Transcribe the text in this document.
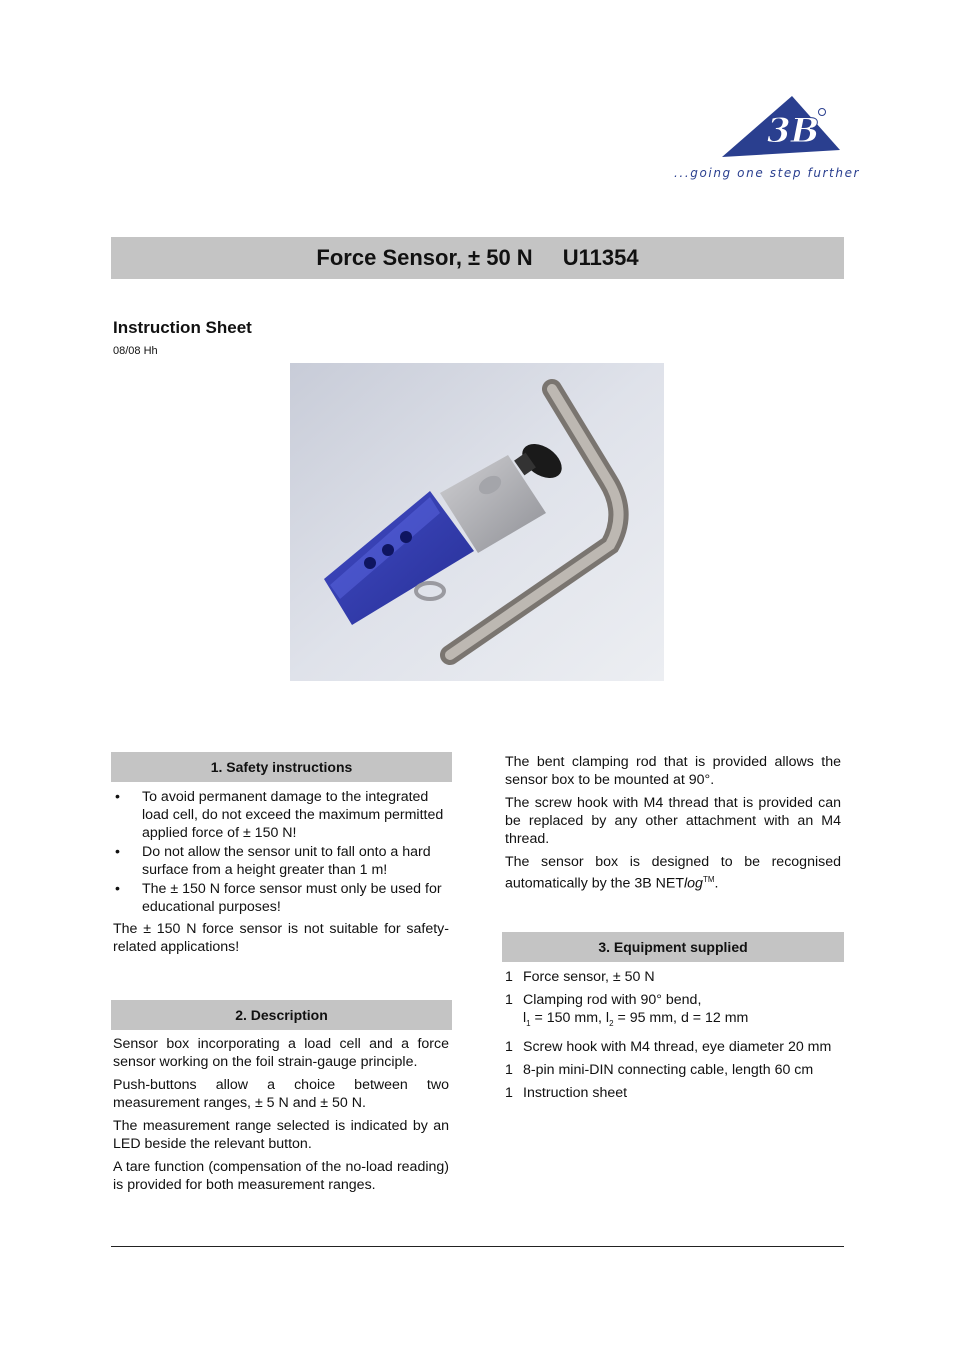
3B
...going one step further
Force Sensor, ± 50 N U11354
Instruction Sheet
08/08 Hh
1. Safety instructions
• To avoid permanent damage to the integrated load cell, do not exceed the maximum permitted applied force of ± 150 N!
• Do not allow the sensor unit to fall onto a hard surface from a height greater than 1 m!
• The ± 150 N force sensor must only be used for educational purposes!

The ± 150 N force sensor is not suitable for safety-related applications!

2. Description

Sensor box incorporating a load cell and a force sensor working on the foil strain-gauge principle.

Push-buttons allow a choice between two measurement ranges, ± 5 N and ± 50 N.

The measurement range selected is indicated by an LED beside the relevant button.

A tare function (compensation of the no-load reading) is provided for both measurement ranges.

The bent clamping rod that is provided allows the sensor box to be mounted at 90°.

The screw hook with M4 thread that is provided can be replaced by any other attachment with an M4 thread.

The sensor box is designed to be recognised automatically by the 3B NETlog™.

3. Equipment supplied
1 Force sensor, ± 50 N
1 Clamping rod with 90° bend,
$l_1 = 150$ mm, $l_2 = 95$ mm, d = 12 mm
1 Screw hook with M4 thread, eye diameter 20 mm
1 8-pin mini-DIN connecting cable, length 60 cm
1 Instruction sheet
